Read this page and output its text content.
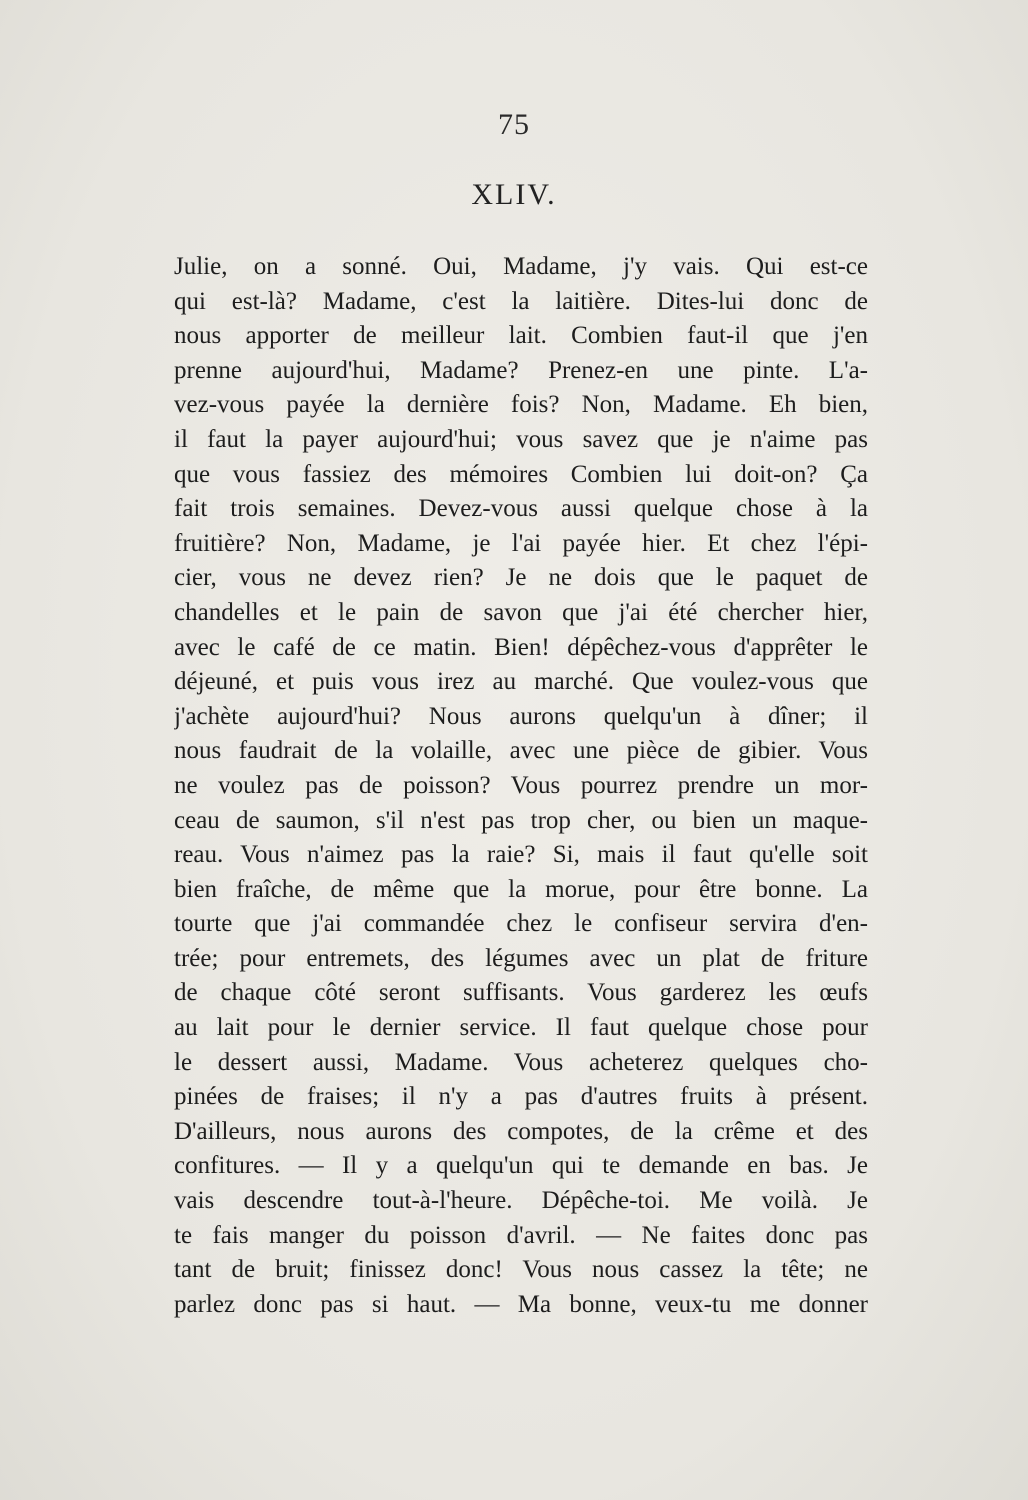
75
XLIV.
Julie, on a sonné. Oui, Madame, j'y vais. Qui est-ce
qui est-là? Madame, c'est la laitière. Dites-lui donc de
nous apporter de meilleur lait. Combien faut-il que j'en
prenne aujourd'hui, Madame? Prenez-en une pinte. L'a-
vez-vous payée la dernière fois? Non, Madame. Eh bien,
il faut la payer aujourd'hui; vous savez que je n'aime pas
que vous fassiez des mémoires Combien lui doit-on? Ça
fait trois semaines. Devez-vous aussi quelque chose à la
fruitière? Non, Madame, je l'ai payée hier. Et chez l'épi-
cier, vous ne devez rien? Je ne dois que le paquet de
chandelles et le pain de savon que j'ai été chercher hier,
avec le café de ce matin. Bien! dépêchez-vous d'apprêter le
déjeuné, et puis vous irez au marché. Que voulez-vous que
j'achète aujourd'hui? Nous aurons quelqu'un à dîner; il
nous faudrait de la volaille, avec une pièce de gibier. Vous
ne voulez pas de poisson? Vous pourrez prendre un mor-
ceau de saumon, s'il n'est pas trop cher, ou bien un maque-
reau. Vous n'aimez pas la raie? Si, mais il faut qu'elle soit
bien fraîche, de même que la morue, pour être bonne. La
tourte que j'ai commandée chez le confiseur servira d'en-
trée; pour entremets, des légumes avec un plat de friture
de chaque côté seront suffisants. Vous garderez les œufs
au lait pour le dernier service. Il faut quelque chose pour
le dessert aussi, Madame. Vous acheterez quelques cho-
pinées de fraises; il n'y a pas d'autres fruits à présent.
D'ailleurs, nous aurons des compotes, de la crême et des
confitures. — Il y a quelqu'un qui te demande en bas. Je
vais descendre tout-à-l'heure. Dépêche-toi. Me voilà. Je
te fais manger du poisson d'avril. — Ne faites donc pas
tant de bruit; finissez donc! Vous nous cassez la tête; ne
parlez donc pas si haut. — Ma bonne, veux-tu me donner
